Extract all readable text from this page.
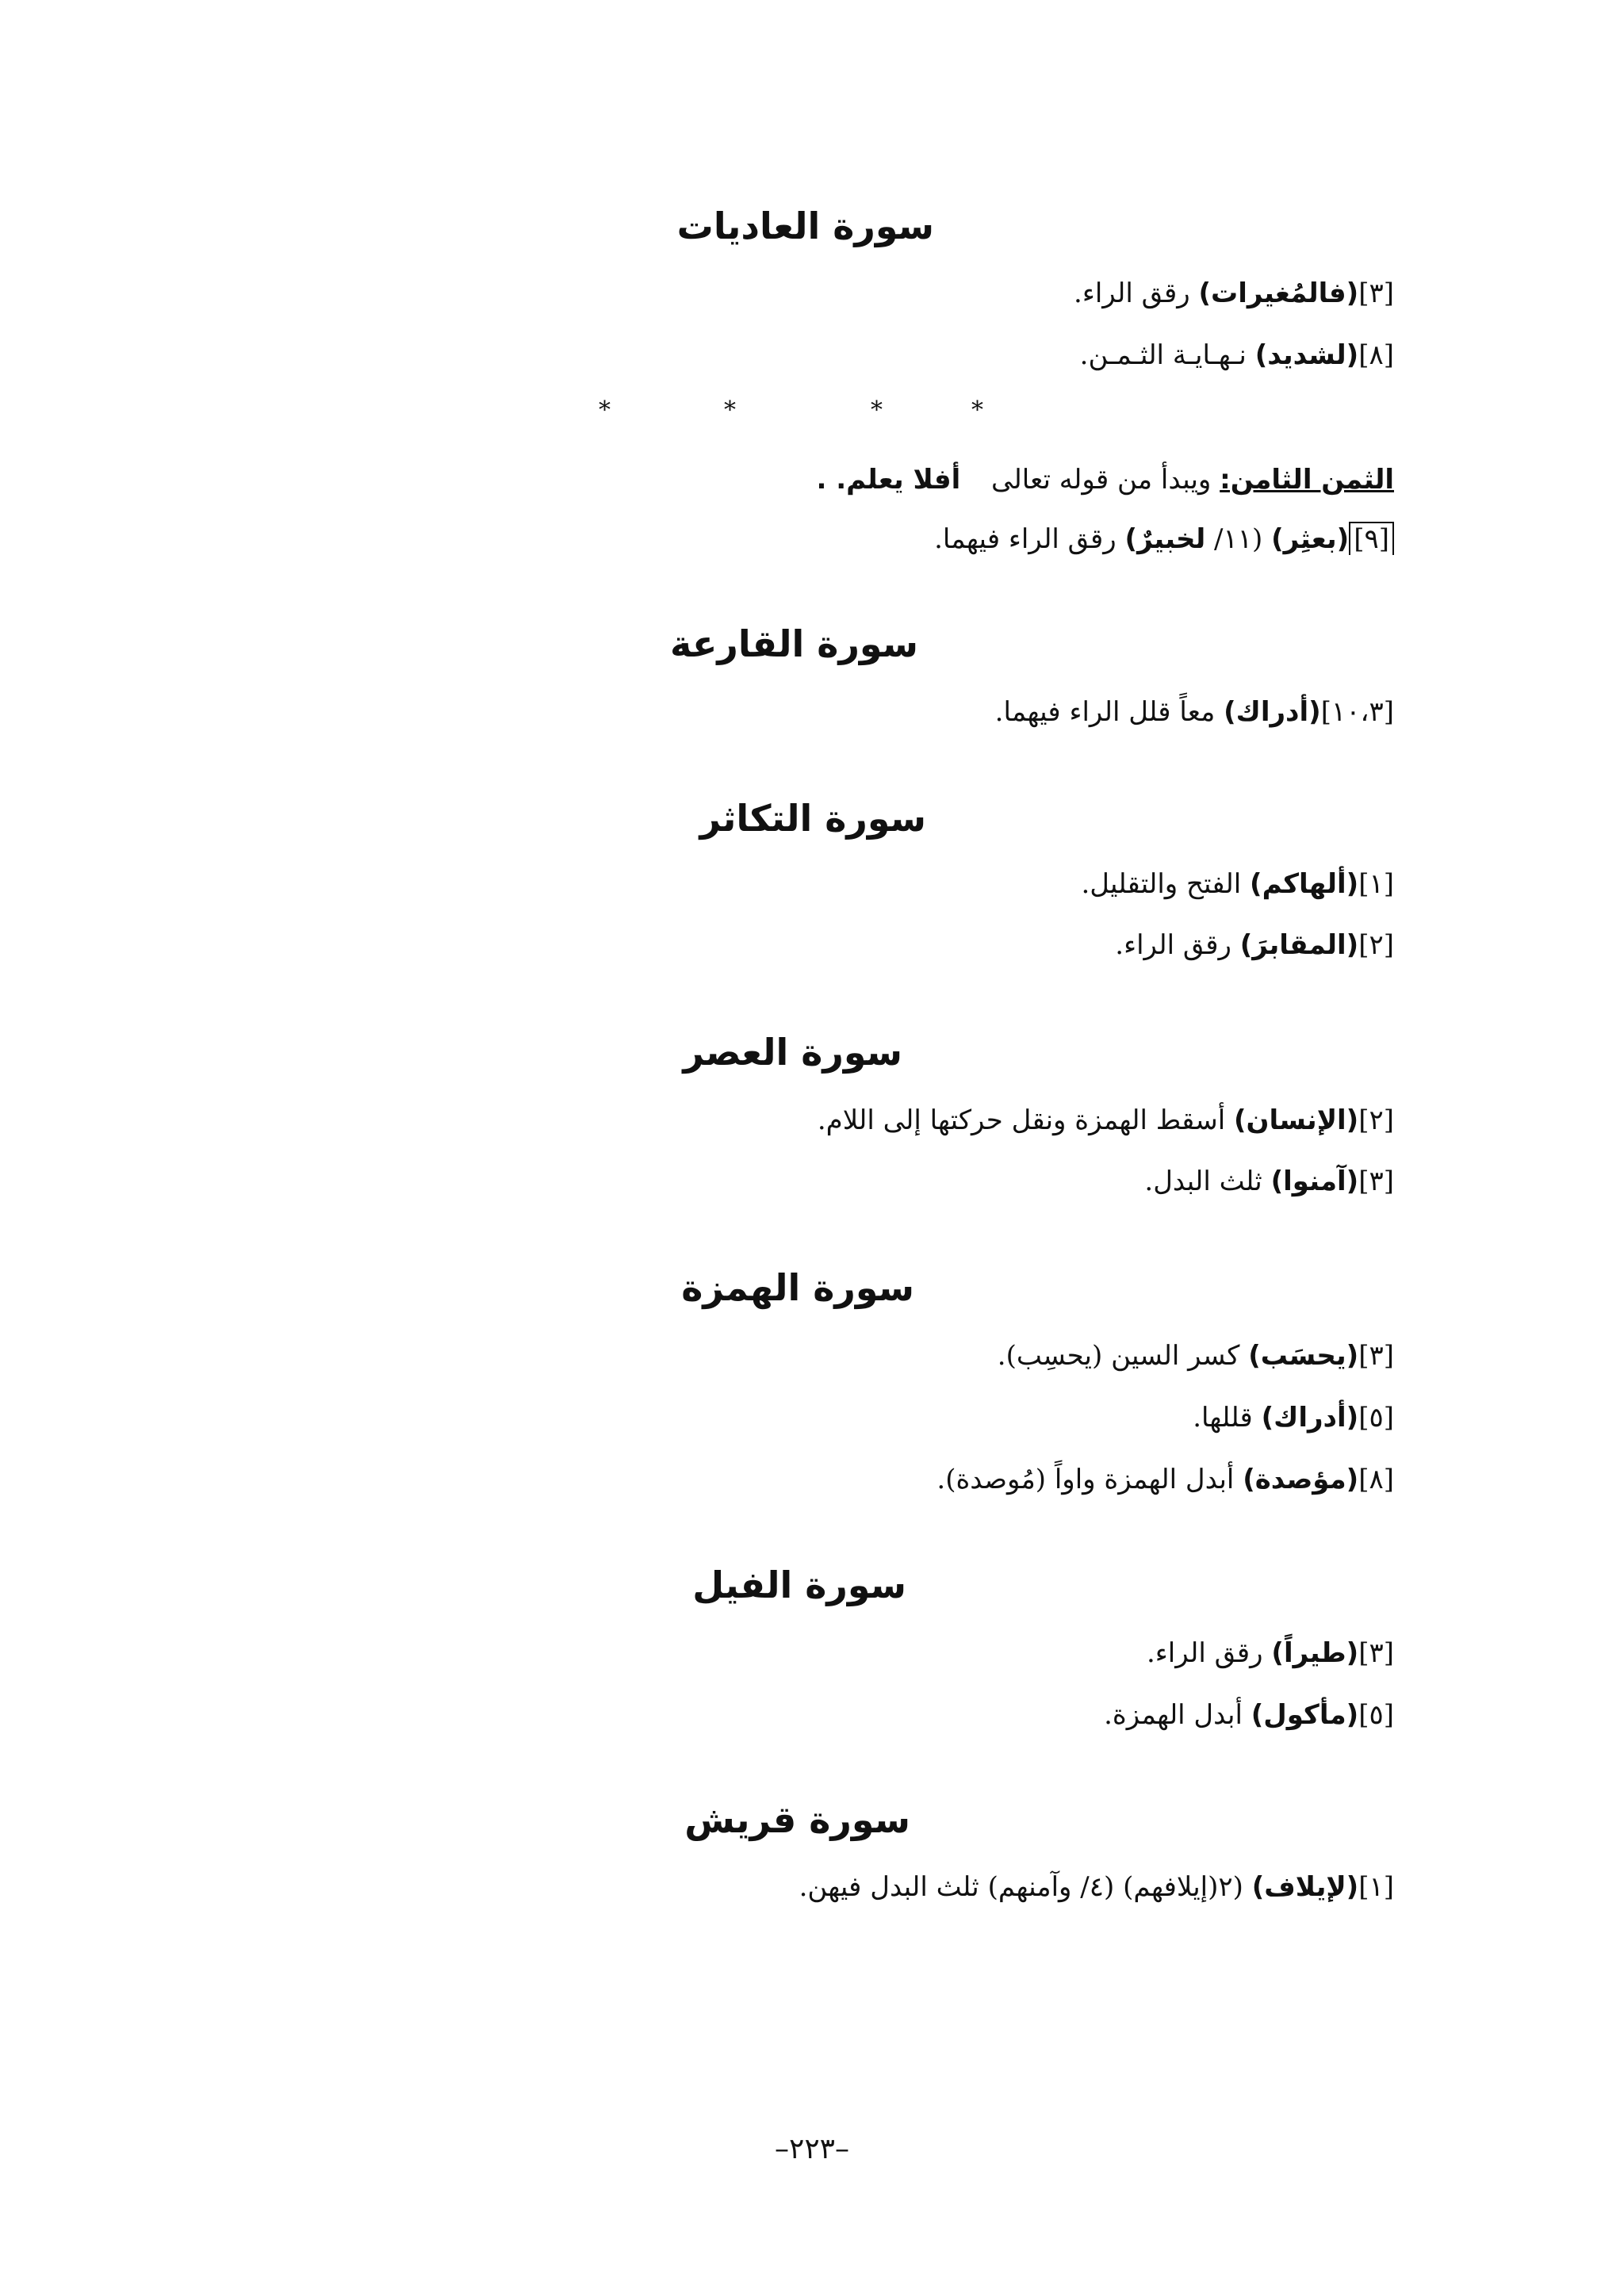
سورة العاديات
[٣](فالمُغيرات) رقق الراء.
[٨](لشديد) نـهـايـة الثـمـن.
*	*	*	*
الثمن الثامن: ويبدأ من قوله تعالى أفلا يعلم. .
[٩](بعثِر) (١١/ لخبيرٌ) رقق الراء فيهما.
سورة القارعة
[١٠،٣](أدراك) معاً قلل الراء فيهما.
سورة التكاثر
[١](ألهاكم) الفتح والتقليل.
[٢](المقابرَ) رقق الراء.
سورة العصر
[٢](الإنسان) أسقط الهمزة ونقل حركتها إلى اللام.
[٣](آمنوا) ثلث البدل.
سورة الهمزة
[٣](يحسَب) كسر السين (يحسِب).
[٥](أدراك) قللها.
[٨](مؤصدة) أبدل الهمزة واواً (مُوصدة).
سورة الفيل
[٣](طيراً) رقق الراء.
[٥](مأكول) أبدل الهمزة.
سورة قريش
[١](لإيلاف) (٢(إيلافهم) (٤/ وآمنهم) ثلث البدل فيهن.
–٢٢٣–
